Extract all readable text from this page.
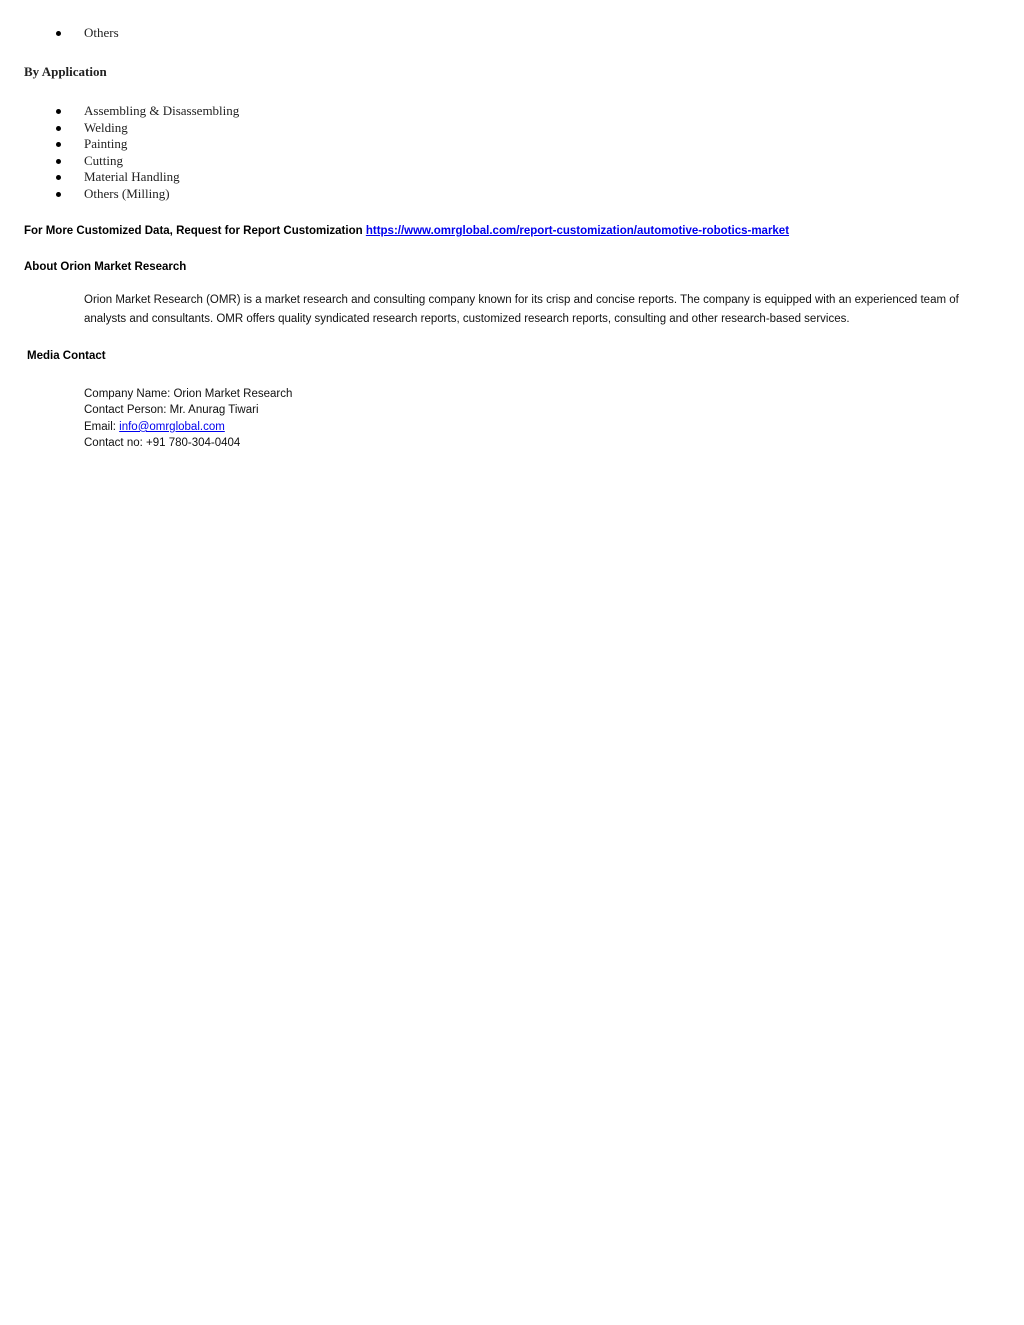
Others
By Application
Assembling & Disassembling
Welding
Painting
Cutting
Material Handling
Others (Milling)
For More Customized Data, Request for Report Customization https://www.omrglobal.com/report-customization/automotive-robotics-market
About Orion Market Research
Orion Market Research (OMR) is a market research and consulting company known for its crisp and concise reports. The company is equipped with an experienced team of analysts and consultants. OMR offers quality syndicated research reports, customized research reports, consulting and other research-based services.
Media Contact
Company Name: Orion Market Research
Contact Person: Mr. Anurag Tiwari
Email: info@omrglobal.com
Contact no: +91 780-304-0404
